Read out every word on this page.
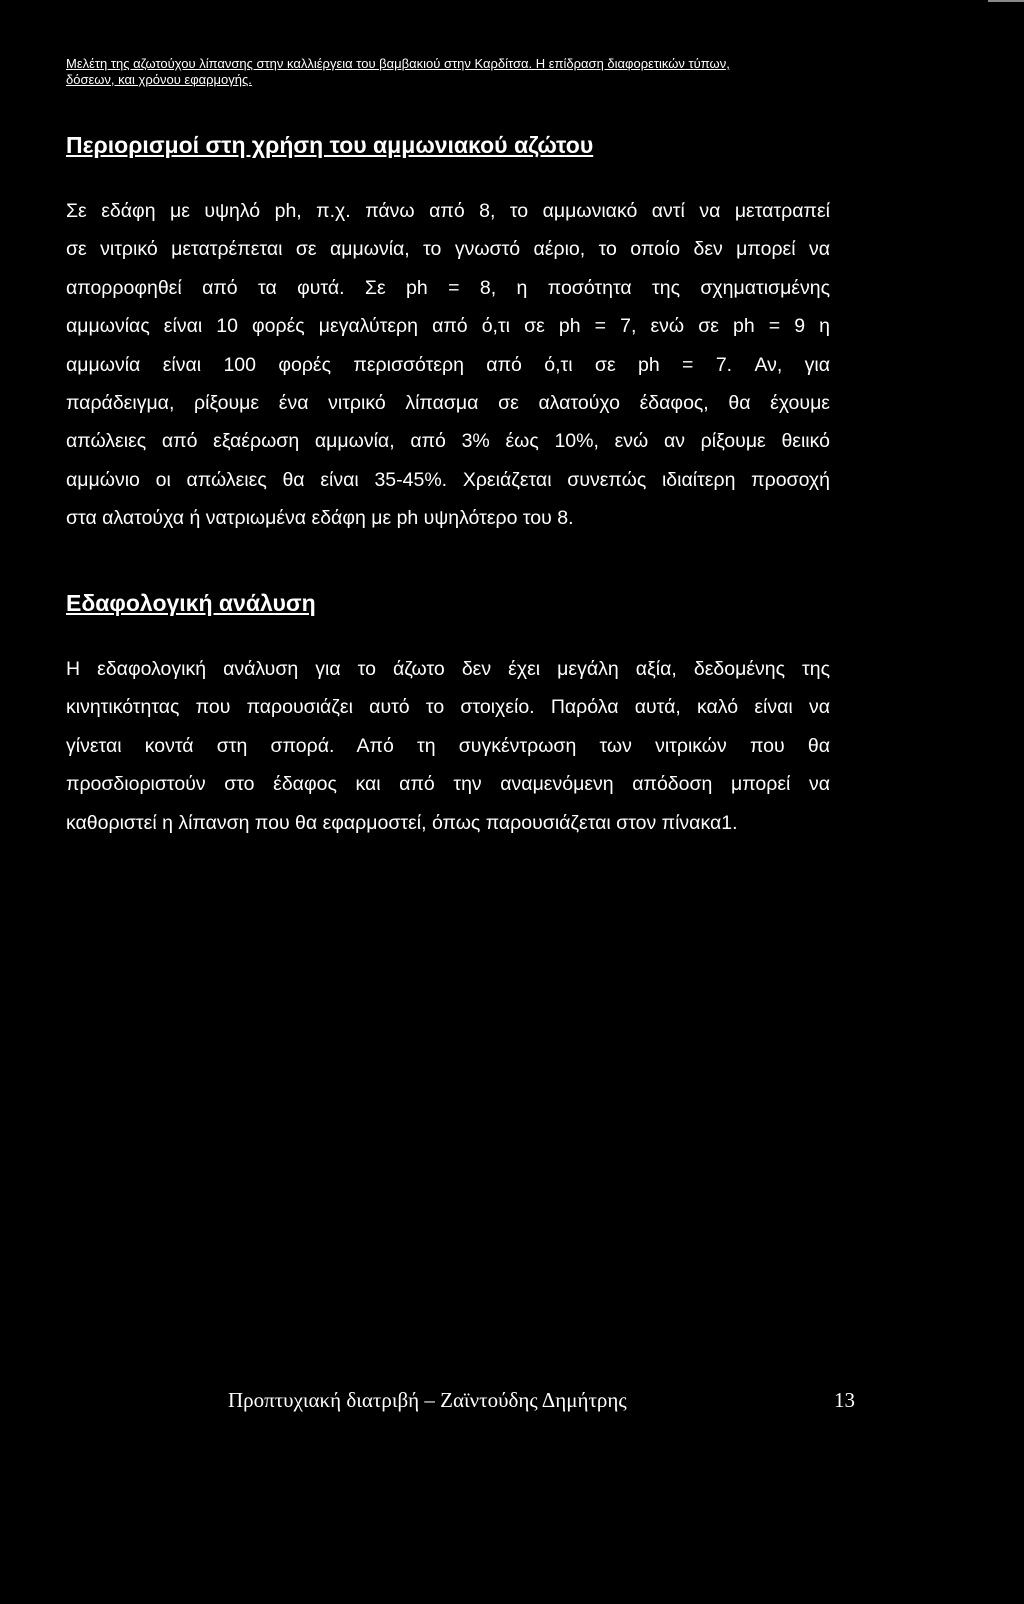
Μελέτη της αζωτούχου λίπανσης στην καλλιέργεια του βαμβακιού στην Καρδίτσα. Η επίδραση διαφορετικών τύπων,
δόσεων, και χρόνου εφαρμογής.
Περιορισμοί στη χρήση του αμμωνιακού αζώτου

Σε εδάφη με υψηλό ph, π.χ. πάνω από 8, το αμμωνιακό αντί να μετατραπεί
σε νιτρικό μετατρέπεται σε αμμωνία, το γνωστό αέριο, το οποίο δεν μπορεί να
απορροφηθεί από τα φυτά. Σε ph = 8, η ποσότητα της σχηματισμένης
αμμωνίας είναι 10 φορές μεγαλύτερη από ό,τι σε ph = 7, ενώ σε ph = 9 η
αμμωνία είναι 100 φορές περισσότερη από ό,τι σε ph = 7. Αν, για
παράδειγμα, ρίξουμε ένα νιτρικό λίπασμα σε αλατούχο έδαφος, θα έχουμε
απώλειες από εξαέρωση αμμωνία, από 3% έως 10%, ενώ αν ρίξουμε θειικό
αμμώνιο οι απώλειες θα είναι 35-45%. Χρειάζεται συνεπώς ιδιαίτερη προσοχή
στα αλατούχα ή νατριωμένα εδάφη με ph υψηλότερο του 8.

Εδαφολογική ανάλυση

Η εδαφολογική ανάλυση για το άζωτο δεν έχει μεγάλη αξία, δεδομένης της
κινητικότητας που παρουσιάζει αυτό το στοιχείο. Παρόλα αυτά, καλό είναι να
γίνεται κοντά στη σπορά. Από τη συγκέντρωση των νιτρικών που θα
προσδιοριστούν στο έδαφος και από την αναμενόμενη απόδοση μπορεί να
καθοριστεί η λίπανση που θα εφαρμοστεί, όπως παρουσιάζεται στον πίνακα1.

Προπτυχιακή διατριβή – Ζαϊντούδης Δημήτρης	13
